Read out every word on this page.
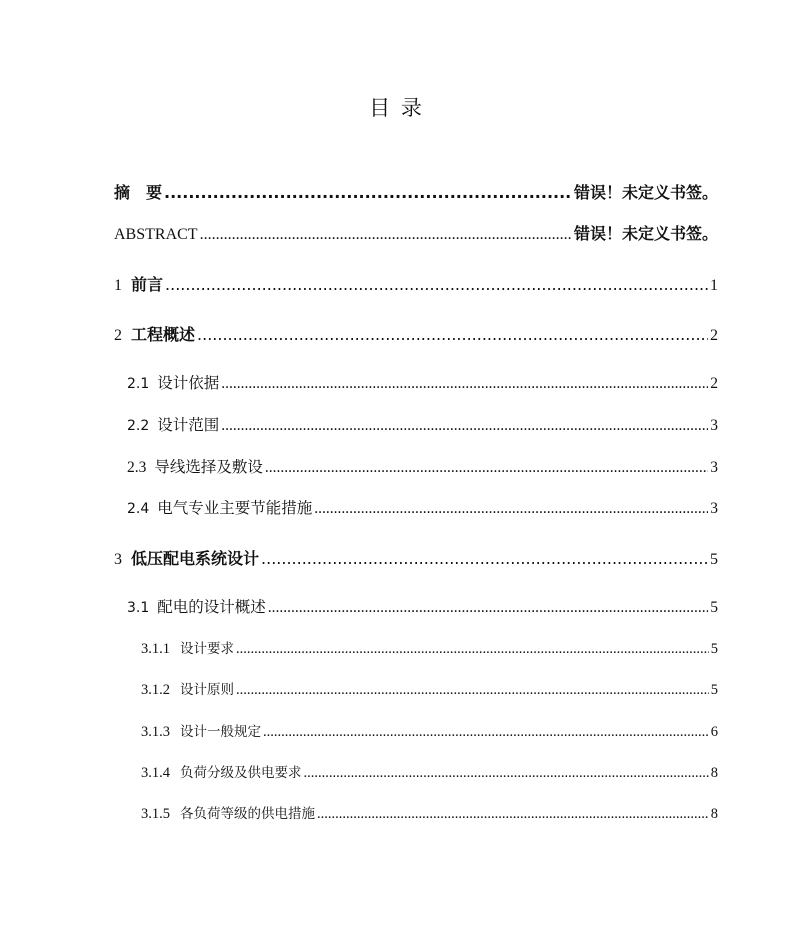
目 录
摘　要 .....	错误！未定义书签。
ABSTRACT .....	错误！未定义书签。
1 前言 .....	1
2 工程概述 .....	2
2.1 设计依据 .....	2
2.2 设计范围 .....	3
2.3 导线选择及敷设 .....	3
2.4 电气专业主要节能措施 .....	3
3 低压配电系统设计 .....	5
3.1 配电的设计概述 .....	5
3.1.1 设计要求 .....	5
3.1.2 设计原则 .....	5
3.1.3 设计一般规定 .....	6
3.1.4 负荷分级及供电要求 .....	8
3.1.5 各负荷等级的供电措施 .....	8
